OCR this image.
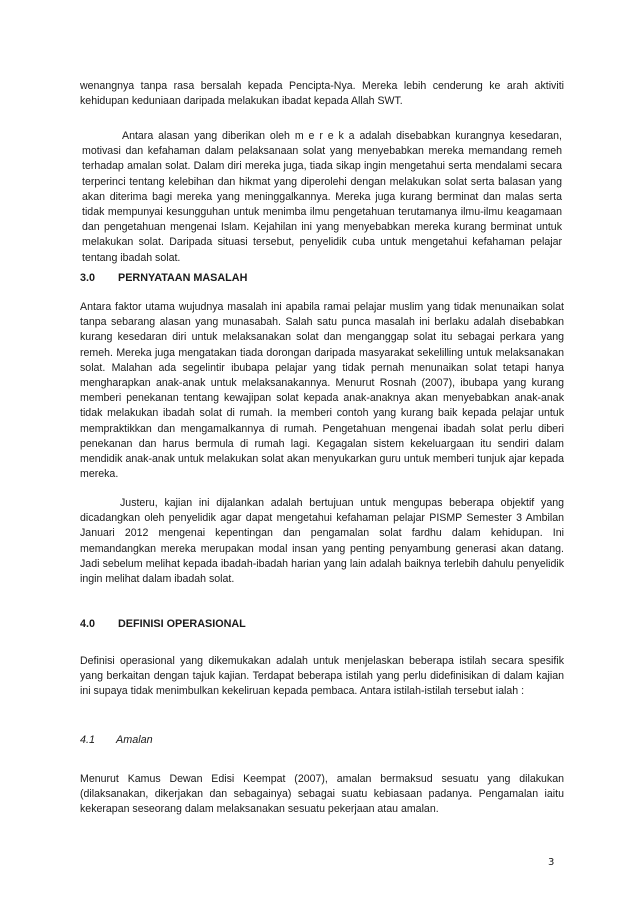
wenangnya tanpa rasa bersalah kepada Pencipta-Nya. Mereka lebih cenderung ke arah aktiviti kehidupan keduniaan daripada melakukan ibadat kepada Allah SWT.

Antara alasan yang diberikan oleh m e r e k a adalah disebabkan kurangnya kesedaran, motivasi dan kefahaman dalam pelaksanaan solat yang menyebabkan mereka memandang remeh terhadap amalan solat. Dalam diri mereka juga, tiada sikap ingin mengetahui serta mendalami secara terperinci tentang kelebihan dan hikmat yang diperolehi dengan melakukan solat serta balasan yang akan diterima bagi mereka yang meninggalkannya. Mereka juga kurang berminat dan malas serta tidak mempunyai kesungguhan untuk menimba ilmu pengetahuan terutamanya ilmu-ilmu keagamaan dan pengetahuan mengenai Islam. Kejahilan ini yang menyebabkan mereka kurang berminat untuk melakukan solat. Daripada situasi tersebut, penyelidik cuba untuk mengetahui kefahaman pelajar tentang ibadah solat.

3.0 PERNYATAAN MASALAH

Antara faktor utama wujudnya masalah ini apabila ramai pelajar muslim yang tidak menunaikan solat tanpa sebarang alasan yang munasabah. Salah satu punca masalah ini berlaku adalah disebabkan kurang kesedaran diri untuk melaksanakan solat dan menganggap solat itu sebagai perkara yang remeh. Mereka juga mengatakan tiada dorongan daripada masyarakat sekelilling untuk melaksanakan solat. Malahan ada segelintir ibubapa pelajar yang tidak pernah menunaikan solat tetapi hanya mengharapkan anak-anak untuk melaksanakannya. Menurut Rosnah (2007), ibubapa yang kurang memberi penekanan tentang kewajipan solat kepada anak-anaknya akan menyebabkan anak-anak tidak melakukan ibadah solat di rumah. Ia memberi contoh yang kurang baik kepada pelajar untuk mempraktikkan dan mengamalkannya di rumah. Pengetahuan mengenai ibadah solat perlu diberi penekanan dan harus bermula di rumah lagi. Kegagalan sistem kekeluargaan itu sendiri dalam mendidik anak-anak untuk melakukan solat akan menyukarkan guru untuk memberi tunjuk ajar kepada mereka.

Justeru, kajian ini dijalankan adalah bertujuan untuk mengupas beberapa objektif yang dicadangkan oleh penyelidik agar dapat mengetahui kefahaman pelajar PISMP Semester 3 Ambilan Januari 2012 mengenai kepentingan dan pengamalan solat fardhu dalam kehidupan. Ini memandangkan mereka merupakan modal insan yang penting penyambung generasi akan datang. Jadi sebelum melihat kepada ibadah-ibadah harian yang lain adalah baiknya terlebih dahulu penyelidik ingin melihat dalam ibadah solat.

4.0 DEFINISI OPERASIONAL

Definisi operasional yang dikemukakan adalah untuk menjelaskan beberapa istilah secara spesifik yang berkaitan dengan tajuk kajian. Terdapat beberapa istilah yang perlu didefinisikan di dalam kajian ini supaya tidak menimbulkan kekeliruan kepada pembaca. Antara istilah-istilah tersebut ialah :

4.1 Amalan

Menurut Kamus Dewan Edisi Keempat (2007), amalan bermaksud sesuatu yang dilakukan (dilaksanakan, dikerjakan dan sebagainya) sebagai suatu kebiasaan padanya. Pengamalan iaitu kekerapan seseorang dalam melaksanakan sesuatu pekerjaan atau amalan.

3
